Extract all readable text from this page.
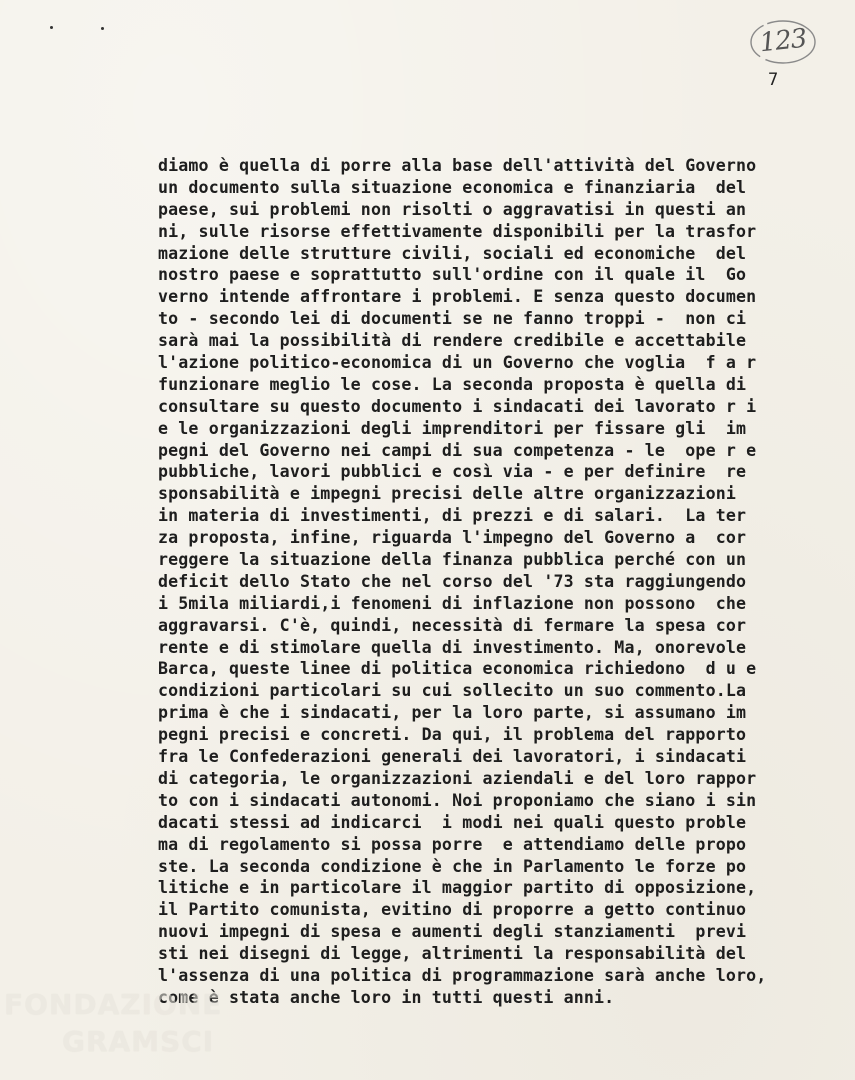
123
7
diamo è quella di porre alla base dell'attività del Governo
un documento sulla situazione economica e finanziaria  del
paese, sui problemi non risolti o aggravatisi in questi an
ni, sulle risorse effettivamente disponibili per la trasfor
mazione delle strutture civili, sociali ed economiche  del
nostro paese e soprattutto sull'ordine con il quale il  Go
verno intende affrontare i problemi. E senza questo documen
to - secondo lei di documenti se ne fanno troppi -  non ci
sarà mai la possibilità di rendere credibile e accettabile
l'azione politico-economica di un Governo che voglia  f a r
funzionare meglio le cose. La seconda proposta è quella di
consultare su questo documento i sindacati dei lavorato r i
e le organizzazioni degli imprenditori per fissare gli  im
pegni del Governo nei campi di sua competenza - le  ope r e
pubbliche, lavori pubblici e così via - e per definire  re
sponsabilità e impegni precisi delle altre organizzazioni
in materia di investimenti, di prezzi e di salari.  La ter
za proposta, infine, riguarda l'impegno del Governo a  cor
reggere la situazione della finanza pubblica perché con un
deficit dello Stato che nel corso del '73 sta raggiungendo
i 5mila miliardi,i fenomeni di inflazione non possono  che
aggravarsi. C'è, quindi, necessità di fermare la spesa cor
rente e di stimolare quella di investimento. Ma, onorevole
Barca, queste linee di politica economica richiedono  d u e
condizioni particolari su cui sollecito un suo commento.La
prima è che i sindacati, per la loro parte, si assumano im
pegni precisi e concreti. Da qui, il problema del rapporto
fra le Confederazioni generali dei lavoratori, i sindacati
di categoria, le organizzazioni aziendali e del loro rappor
to con i sindacati autonomi. Noi proponiamo che siano i sin
dacati stessi ad indicarci  i modi nei quali questo proble
ma di regolamento si possa porre  e attendiamo delle propo
ste. La seconda condizione è che in Parlamento le forze po
litiche e in particolare il maggior partito di opposizione,
il Partito comunista, evitino di proporre a getto continuo
nuovi impegni di spesa e aumenti degli stanziamenti  previ
sti nei disegni di legge, altrimenti la responsabilità del
l'assenza di una politica di programmazione sarà anche loro,
come è stata anche loro in tutti questi anni.
FONDAZIONE
GRAMSCI
